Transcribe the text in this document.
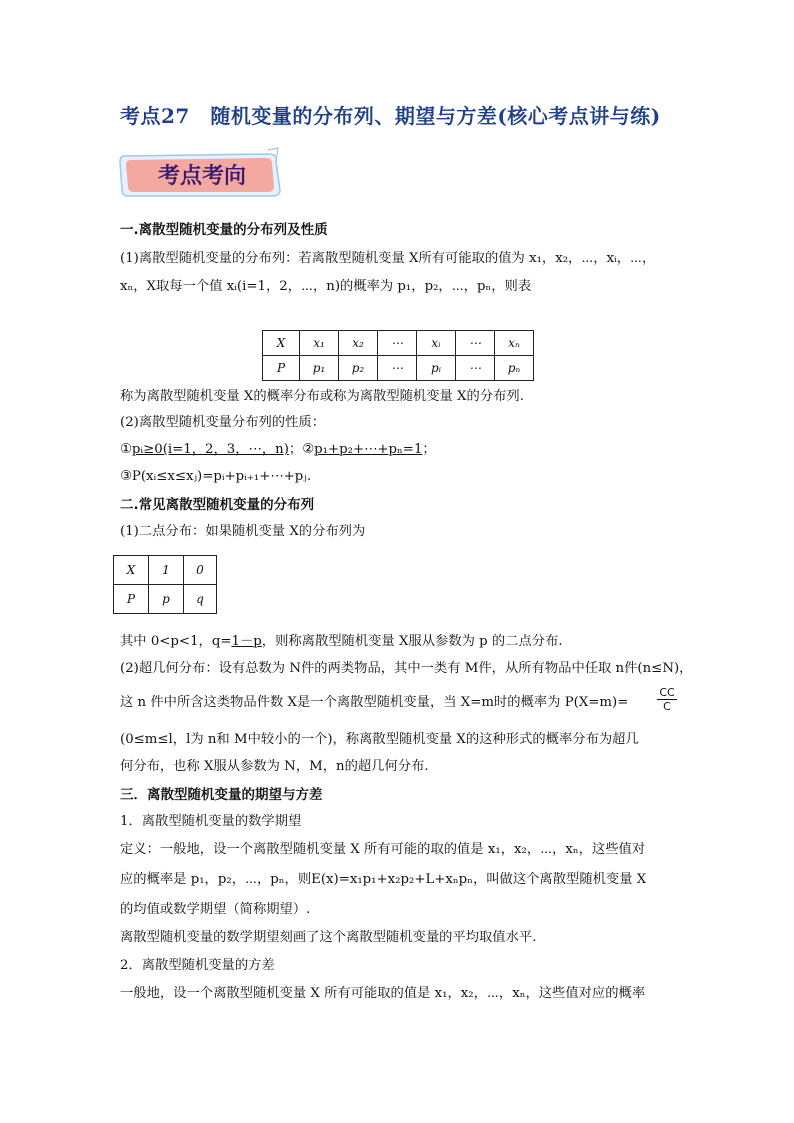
考点27　随机变量的分布列、期望与方差(核心考点讲与练)
考点考向
一.离散型随机变量的分布列及性质
(1)离散型随机变量的分布列：若离散型随机变量 X所有可能取的值为 x₁，x₂，⋯，xᵢ，⋯，
xₙ，X取每一个值 xᵢ(i=1，2，⋯，n)的概率为 p₁，p₂，⋯，pₙ，则表
X	x₁	x₂	⋯	xᵢ	⋯	xₙ
P	p₁	p₂	⋯	pᵢ	⋯	pₙ
称为离散型随机变量 X的概率分布或称为离散型随机变量 X的分布列.
(2)离散型随机变量分布列的性质：
①pᵢ≥0(i=1，2，3，⋯，n)；②p₁+p₂+⋯+pₙ=1；
③P(xᵢ≤x≤xⱼ)=pᵢ+pᵢ₊₁+⋯+pⱼ.
二.常见离散型随机变量的分布列
(1)二点分布：如果随机变量 X的分布列为
X	1	0
P	p	q
其中 0<p<1，q=1－p，则称离散型随机变量 X服从参数为 p 的二点分布.
(2)超几何分布：设有总数为 N件的两类物品，其中一类有 M件，从所有物品中任取 n件(n≤N)，
这 n 件中所含这类物品件数 X是一个离散型随机变量，当 X=m时的概率为 P(X=m)=
CC
C
(0≤m≤l，l为 n和 M中较小的一个)，称离散型随机变量 X的这种形式的概率分布为超几
何分布，也称 X服从参数为 N，M，n的超几何分布.
三．离散型随机变量的期望与方差
1．离散型随机变量的数学期望
定义：一般地，设一个离散型随机变量 X 所有可能的取的值是 x₁，x₂，⋯，xₙ，这些值对
应的概率是 p₁，p₂，⋯，pₙ，则E(x)=x₁p₁+x₂p₂+L+xₙpₙ，叫做这个离散型随机变量 X
的均值或数学期望（简称期望）.
离散型随机变量的数学期望刻画了这个离散型随机变量的平均取值水平.
2．离散型随机变量的方差
一般地，设一个离散型随机变量 X 所有可能取的值是 x₁，x₂，⋯，xₙ，这些值对应的概率
